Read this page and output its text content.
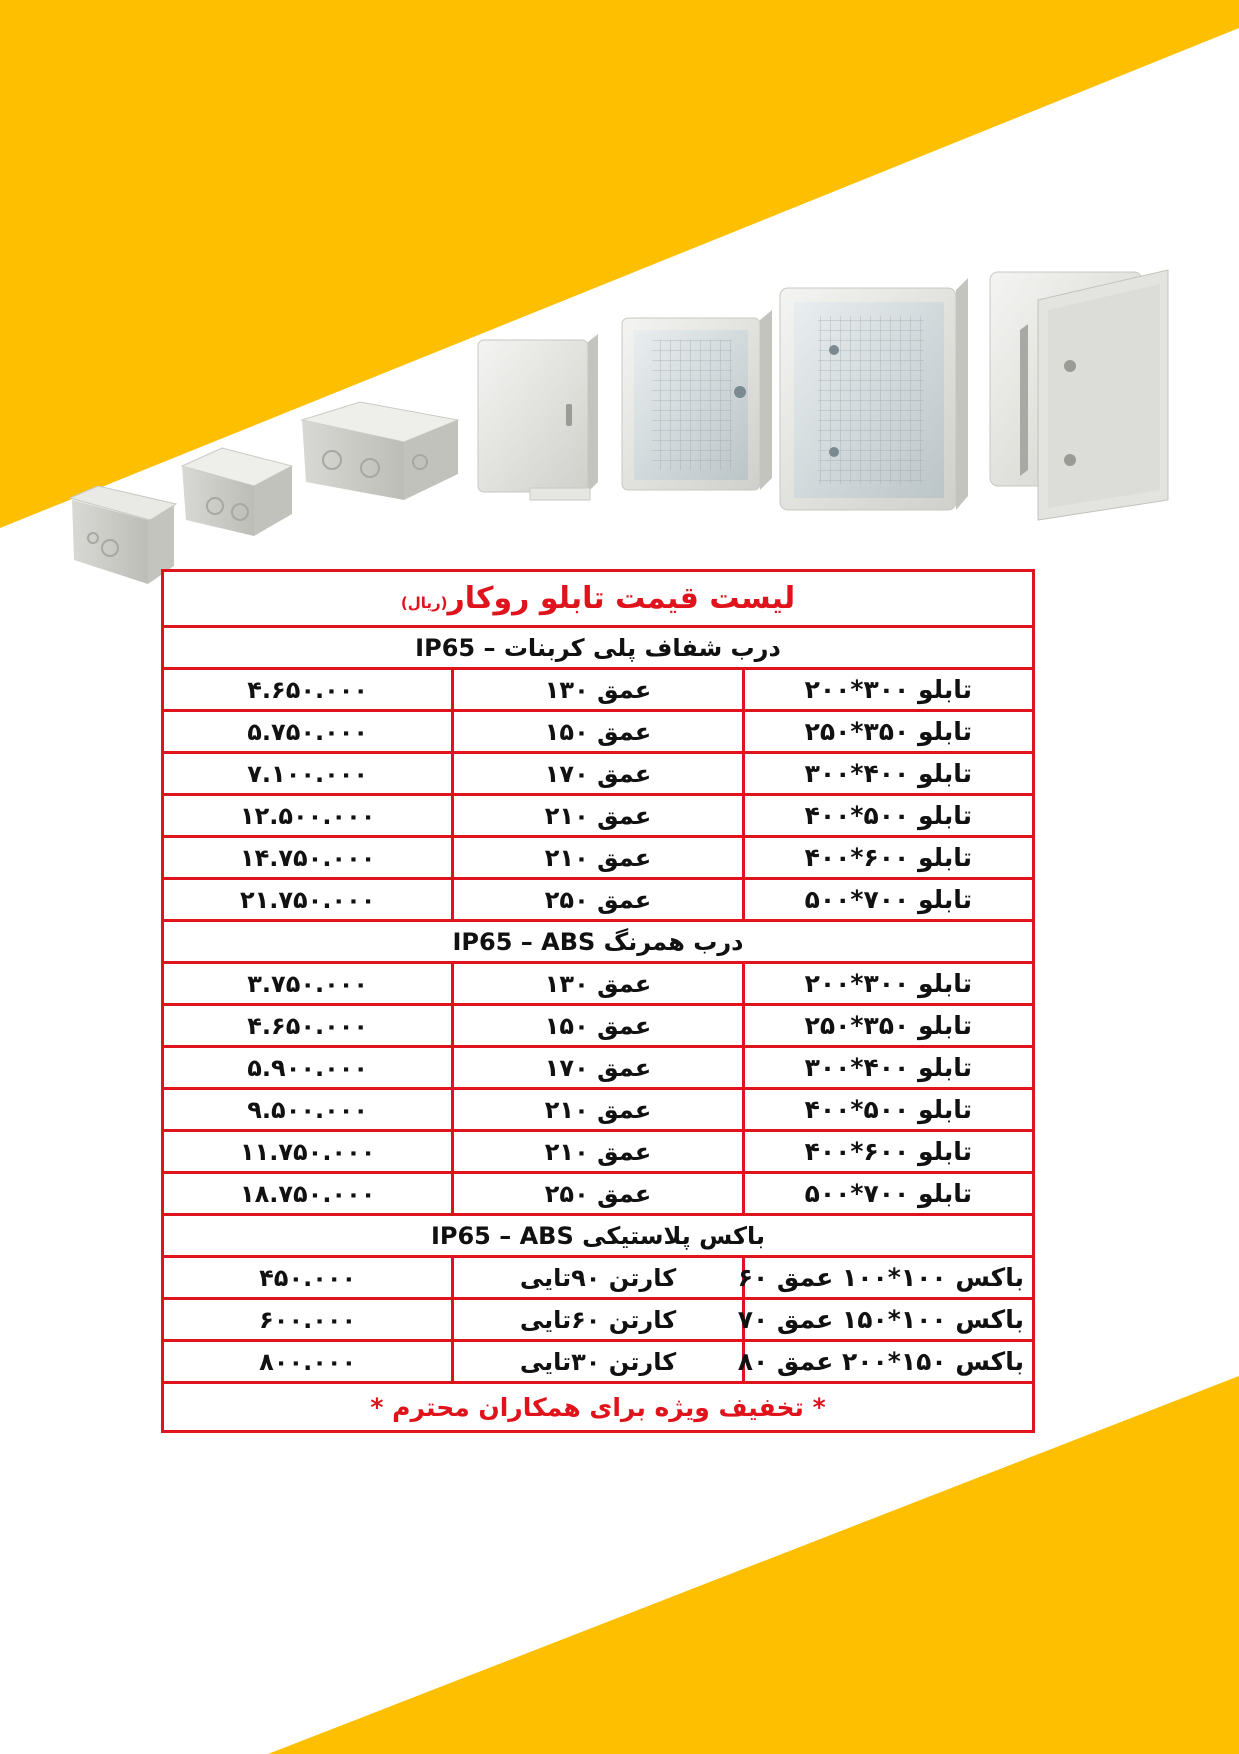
لیست قیمت تابلو روکار(ریال)		
درب شفاف پلی کربنات IP65 –		
تابلو ۳۰۰*۲۰۰	عمق ۱۳۰	۴.۶۵۰.۰۰۰
تابلو ۳۵۰*۲۵۰	عمق ۱۵۰	۵.۷۵۰.۰۰۰
تابلو ۴۰۰*۳۰۰	عمق ۱۷۰	۷.۱۰۰.۰۰۰
تابلو ۵۰۰*۴۰۰	عمق ۲۱۰	۱۲.۵۰۰.۰۰۰
تابلو ۶۰۰*۴۰۰	عمق ۲۱۰	۱۴.۷۵۰.۰۰۰
تابلو ۷۰۰*۵۰۰	عمق ۲۵۰	۲۱.۷۵۰.۰۰۰
درب همرنگ IP65 – ABS		
تابلو ۳۰۰*۲۰۰	عمق ۱۳۰	۳.۷۵۰.۰۰۰
تابلو ۳۵۰*۲۵۰	عمق ۱۵۰	۴.۶۵۰.۰۰۰
تابلو ۴۰۰*۳۰۰	عمق ۱۷۰	۵.۹۰۰.۰۰۰
تابلو ۵۰۰*۴۰۰	عمق ۲۱۰	۹.۵۰۰.۰۰۰
تابلو ۶۰۰*۴۰۰	عمق ۲۱۰	۱۱.۷۵۰.۰۰۰
تابلو ۷۰۰*۵۰۰	عمق ۲۵۰	۱۸.۷۵۰.۰۰۰
باکس پلاستیکی IP65 – ABS		
باکس ۱۰۰*۱۰۰ عمق ۶۰	کارتن ۹۰تایی	۴۵۰.۰۰۰
باکس ۱۰۰*۱۵۰ عمق ۷۰	کارتن ۶۰تایی	۶۰۰.۰۰۰
باکس ۱۵۰*۲۰۰ عمق ۸۰	کارتن ۳۰تایی	۸۰۰.۰۰۰
* تخفیف ویژه برای همکاران محترم *		
